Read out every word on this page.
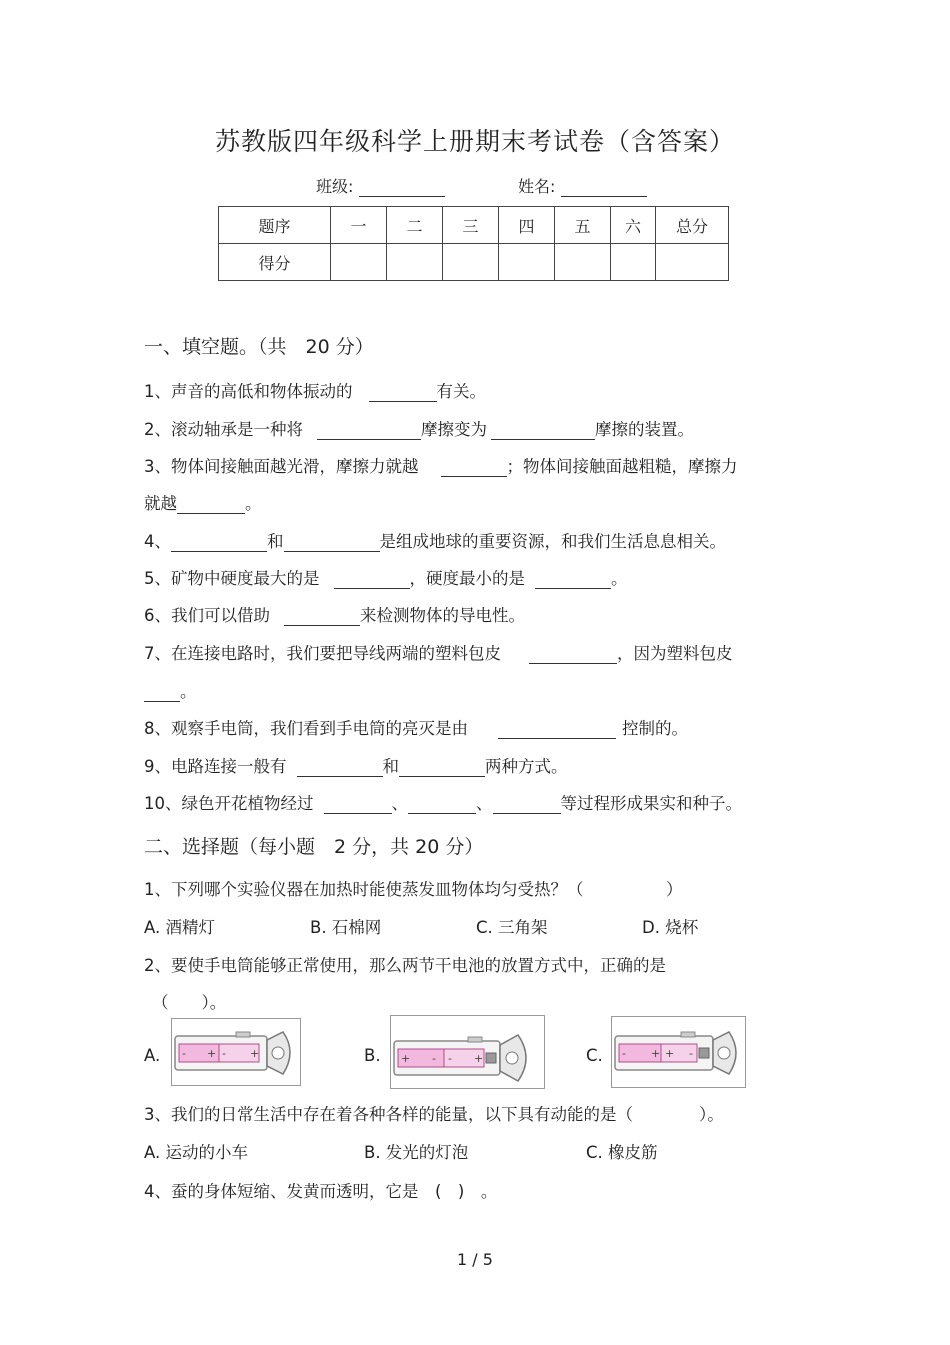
苏教版四年级科学上册期末考试卷（含答案）
班级:	姓名:
题序	一	二	三	四	五	六	总分
得分							
一、填空题。（共　20 分）
1、声音的高低和物体振动的	有关。
2、滚动轴承是一种将	摩擦变为	摩擦的装置。
3、物体间接触面越光滑，摩擦力就越	；物体间接触面越粗糙，摩擦力
就越	。
4、	和	是组成地球的重要资源，和我们生活息息相关。
5、矿物中硬度最大的是	，硬度最小的是	。
6、我们可以借助	来检测物体的导电性。
7、在连接电路时，我们要把导线两端的塑料包皮	，因为塑料包皮
。
8、观察手电筒，我们看到手电筒的亮灭是由	控制的。
9、电路连接一般有	和	两种方式。
10、绿色开花植物经过	、	、	等过程形成果实和种子。
二、选择题（每小题　2 分，共 20 分）
1、下列哪个实验仪器在加热时能使蒸发皿物体均匀受热？（　　　　　）
A. 酒精灯	B. 石棉网	C. 三角架	D. 烧杯
2、要使手电筒能够正常使用，那么两节干电池的放置方式中，正确的是
（　　）。
A.	B.	C.
- + - +	+ - - +	- + + -
3、我们的日常生活中存在着各种各样的能量，以下具有动能的是（　　　　）。
A. 运动的小车	B. 发光的灯泡	C. 橡皮筋
4、蚕的身体短缩、发黄而透明，它是　(　)　。
1 / 5
